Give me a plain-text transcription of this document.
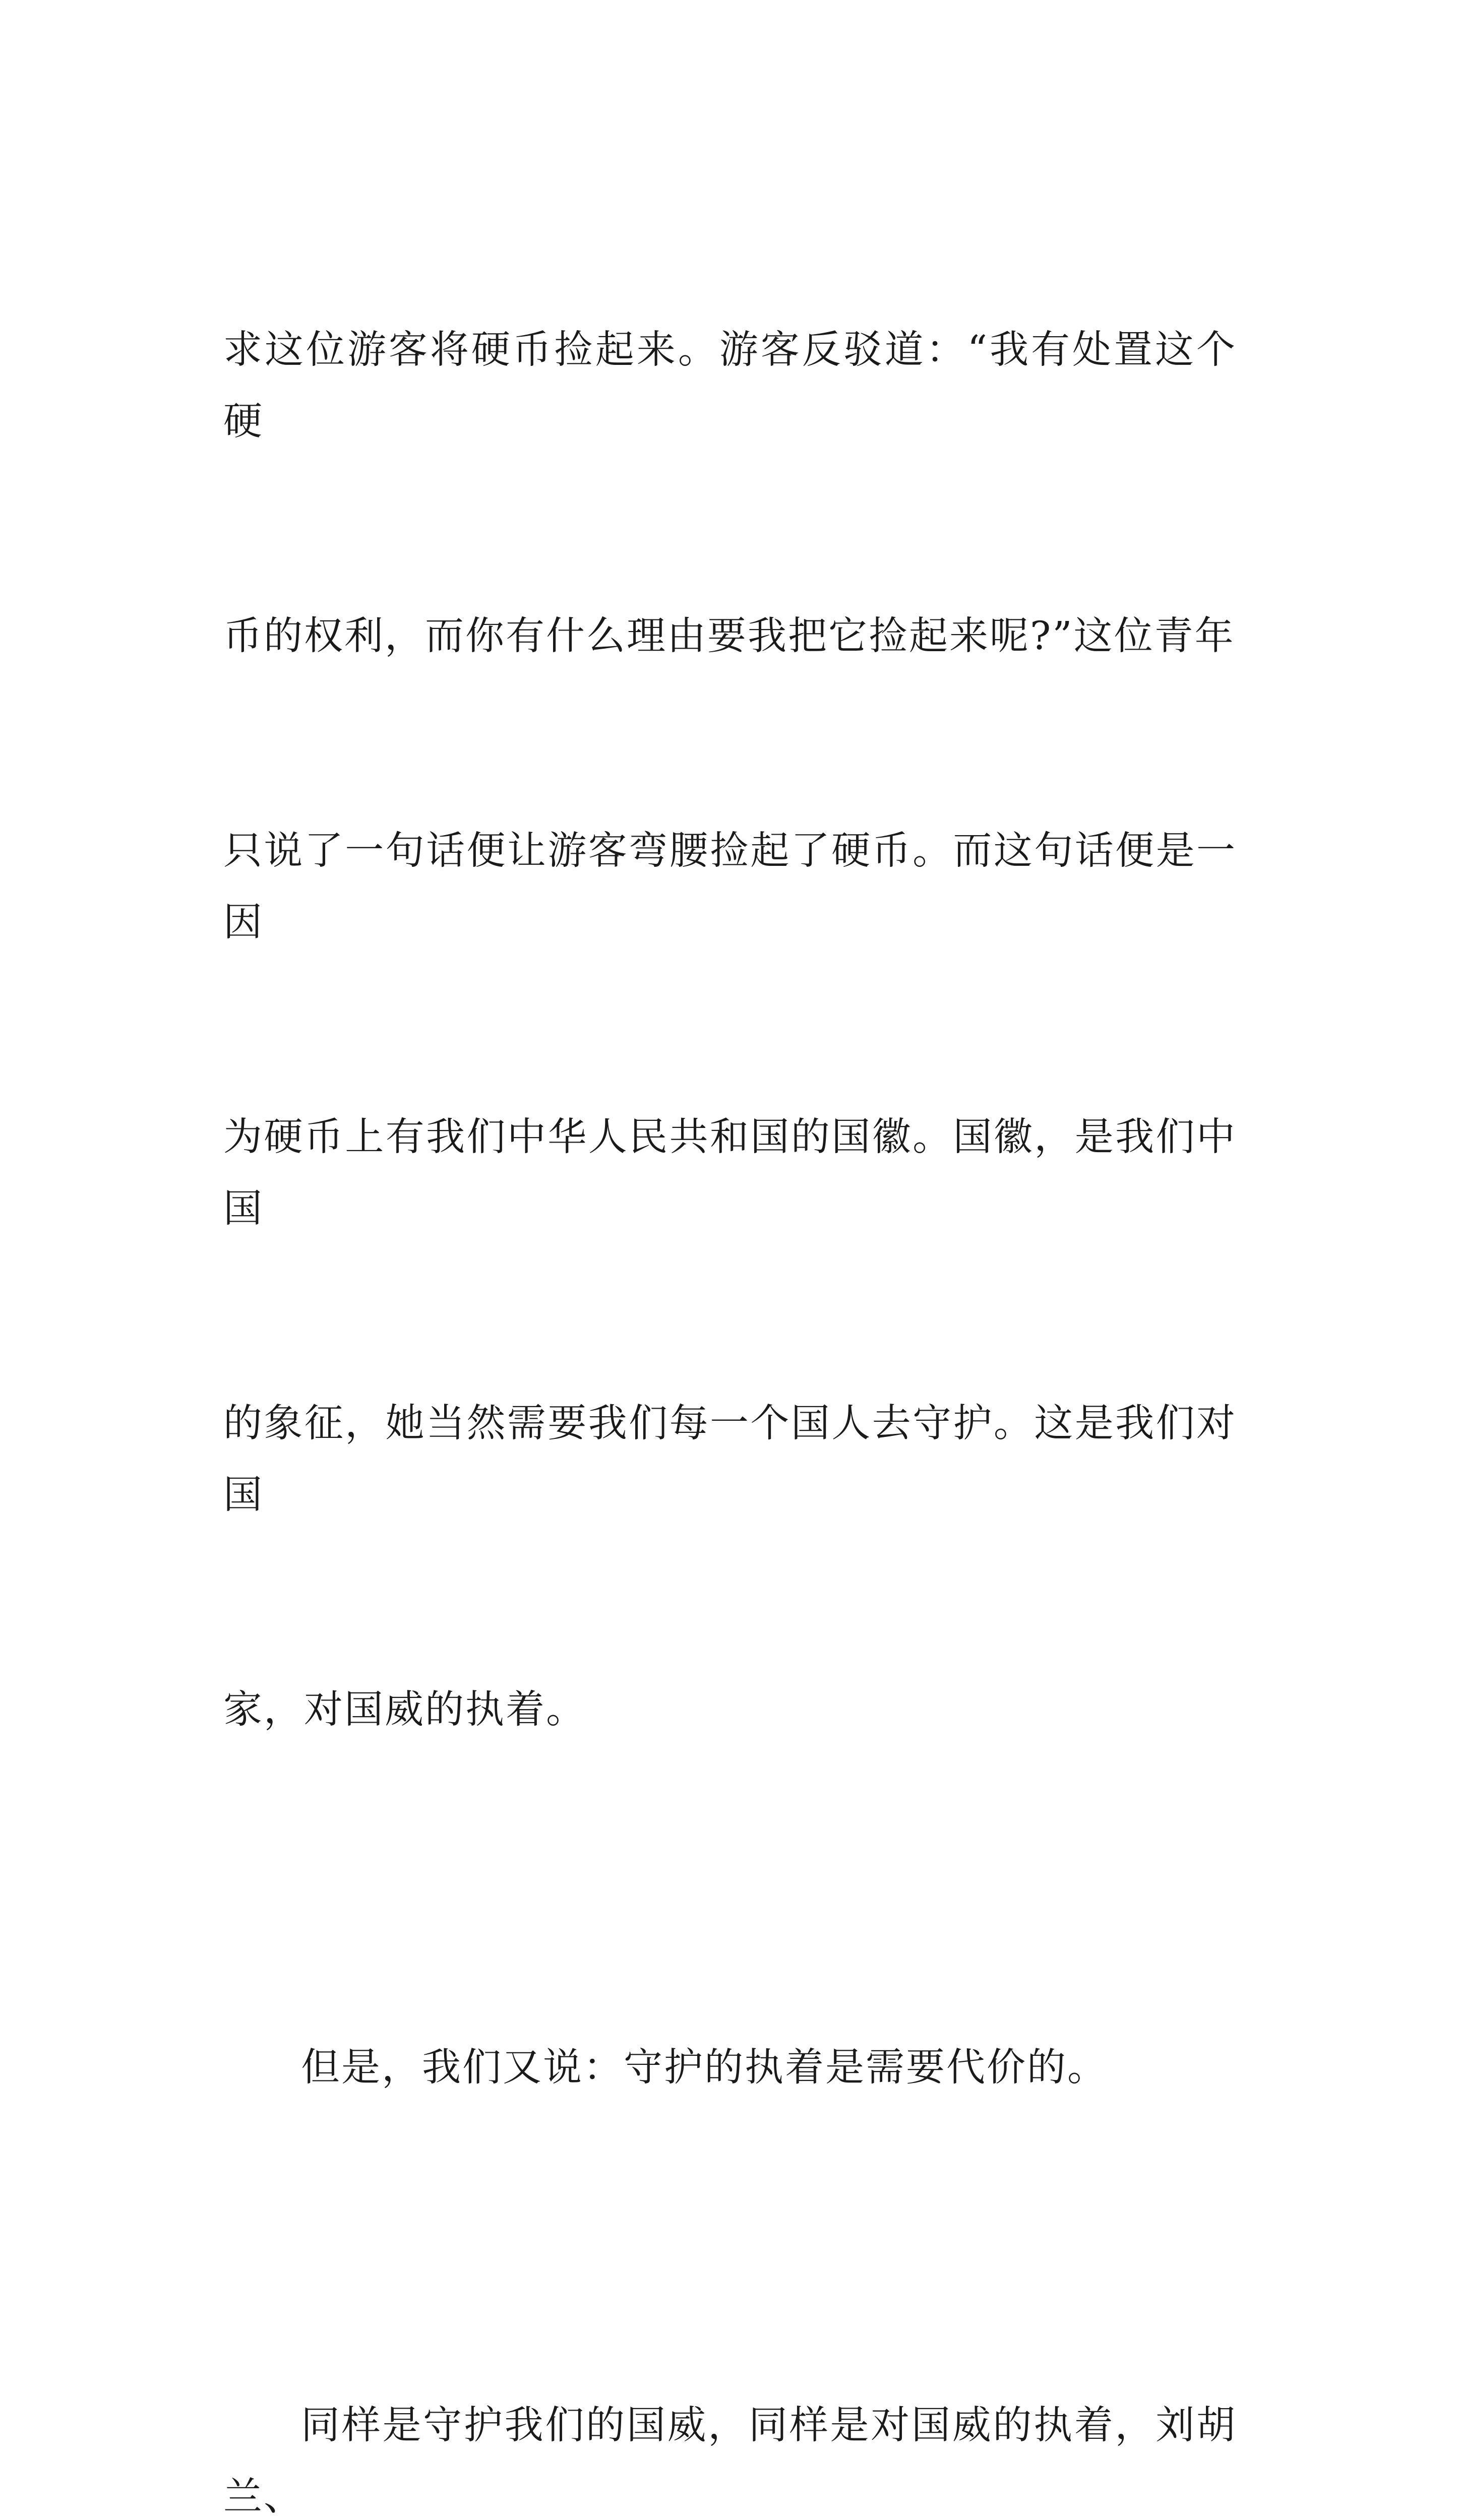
求这位游客将硬币捡起来。游客反驳道：“我有处置这个硬

币的权利，而你有什么理由要我把它捡起来呢?”这位青年

只说了一句话便让游客弯腰捡起了硬币。而这句话便是一因

为硬币上有我们中华人民共和国的国徽。国徽，是我们中国

的象征，她当然需要我们每一个国人去守护。这是我们对国

家，对国威的执着。

但是，我们又说：守护的执着是需要代价的。

同样是守护我们的国威，同样是对国威的执着，刘胡兰、
